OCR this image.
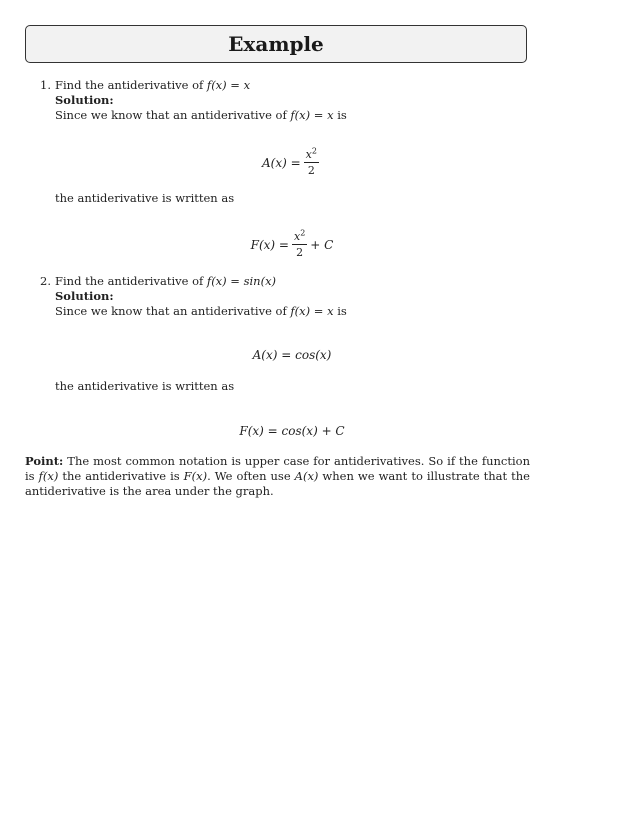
Example
1. Find the antiderivative of f(x) = x
Solution:
Since we know that an antiderivative of f(x) = x is
$A(x) = \frac{x^2}{2}$
the antiderivative is written as
$F(x) = \frac{x^2}{2} + C$
2. Find the antiderivative of f(x) = sin(x)
Solution:
Since we know that an antiderivative of f(x) = x is
A(x) = cos(x)
the antiderivative is written as
F(x) = cos(x) + C
Point: The most common notation is upper case for antiderivatives. So if the function is f(x) the antiderivative is F(x). We often use A(x) when we want to illustrate that the antiderivative is the area under the graph.
